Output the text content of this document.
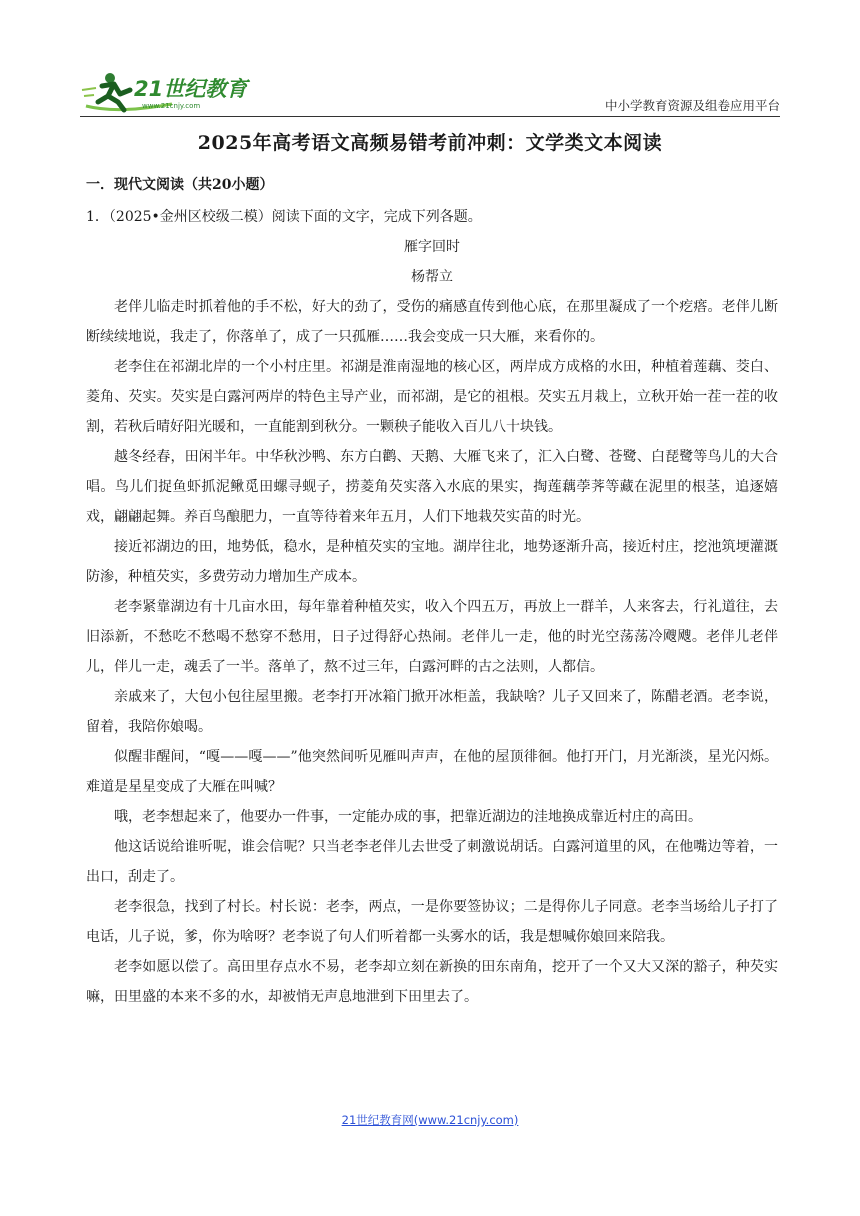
21世纪教育
www.21cnjy.com	中小学教育资源及组卷应用平台
2025年高考语文高频易错考前冲刺：文学类文本阅读

一．现代文阅读（共20小题）

1．（2025•金州区校级二模）阅读下面的文字，完成下列各题。

雁字回时

杨帮立

老伴儿临走时抓着他的手不松，好大的劲了，受伤的痛感直传到他心底，在那里凝成了一个疙瘩。老伴儿断断续续地说，我走了，你落单了，成了一只孤雁……我会变成一只大雁，来看你的。

老李住在祁湖北岸的一个小村庄里。祁湖是淮南湿地的核心区，两岸成方成格的水田，种植着莲藕、茭白、菱角、芡实。芡实是白露河两岸的特色主导产业，而祁湖，是它的祖根。芡实五月栽上，立秋开始一茬一茬的收割，若秋后晴好阳光暖和，一直能割到秋分。一颗秧子能收入百儿八十块钱。

越冬经春，田闲半年。中华秋沙鸭、东方白鹳、天鹅、大雁飞来了，汇入白鹭、苍鹭、白琵鹭等鸟儿的大合唱。鸟儿们捉鱼虾抓泥鳅觅田螺寻蚬子，捞菱角芡实落入水底的果实，掏莲藕荸荠等藏在泥里的根茎，追逐嬉戏，翩翩起舞。养百鸟酿肥力，一直等待着来年五月，人们下地栽芡实苗的时光。

接近祁湖边的田，地势低，稳水，是种植芡实的宝地。湖岸往北，地势逐渐升高，接近村庄，挖池筑埂灌溉防渗，种植芡实，多费劳动力增加生产成本。

老李紧靠湖边有十几亩水田，每年靠着种植芡实，收入个四五万，再放上一群羊，人来客去，行礼道往，去旧添新，不愁吃不愁喝不愁穿不愁用，日子过得舒心热闹。老伴儿一走，他的时光空荡荡冷飕飕。老伴儿老伴儿，伴儿一走，魂丢了一半。落单了，熬不过三年，白露河畔的古之法则，人都信。

亲戚来了，大包小包往屋里搬。老李打开冰箱门掀开冰柜盖，我缺啥？儿子又回来了，陈醋老酒。老李说，留着，我陪你娘喝。

似醒非醒间，“嘎——嘎——”他突然间听见雁叫声声，在他的屋顶徘徊。他打开门，月光渐淡，星光闪烁。难道是星星变成了大雁在叫喊？

哦，老李想起来了，他要办一件事，一定能办成的事，把靠近湖边的洼地换成靠近村庄的高田。

他这话说给谁听呢，谁会信呢？只当老李老伴儿去世受了刺激说胡话。白露河道里的风，在他嘴边等着，一出口，刮走了。

老李很急，找到了村长。村长说：老李，两点，一是你要签协议；二是得你儿子同意。老李当场给儿子打了电话，儿子说，爹，你为啥呀？老李说了句人们听着都一头雾水的话，我是想喊你娘回来陪我。

老李如愿以偿了。高田里存点水不易，老李却立刻在新换的田东南角，挖开了一个又大又深的豁子，种芡实嘛，田里盛的本来不多的水，却被悄无声息地泄到下田里去了。

21世纪教育网(www.21cnjy.com)
